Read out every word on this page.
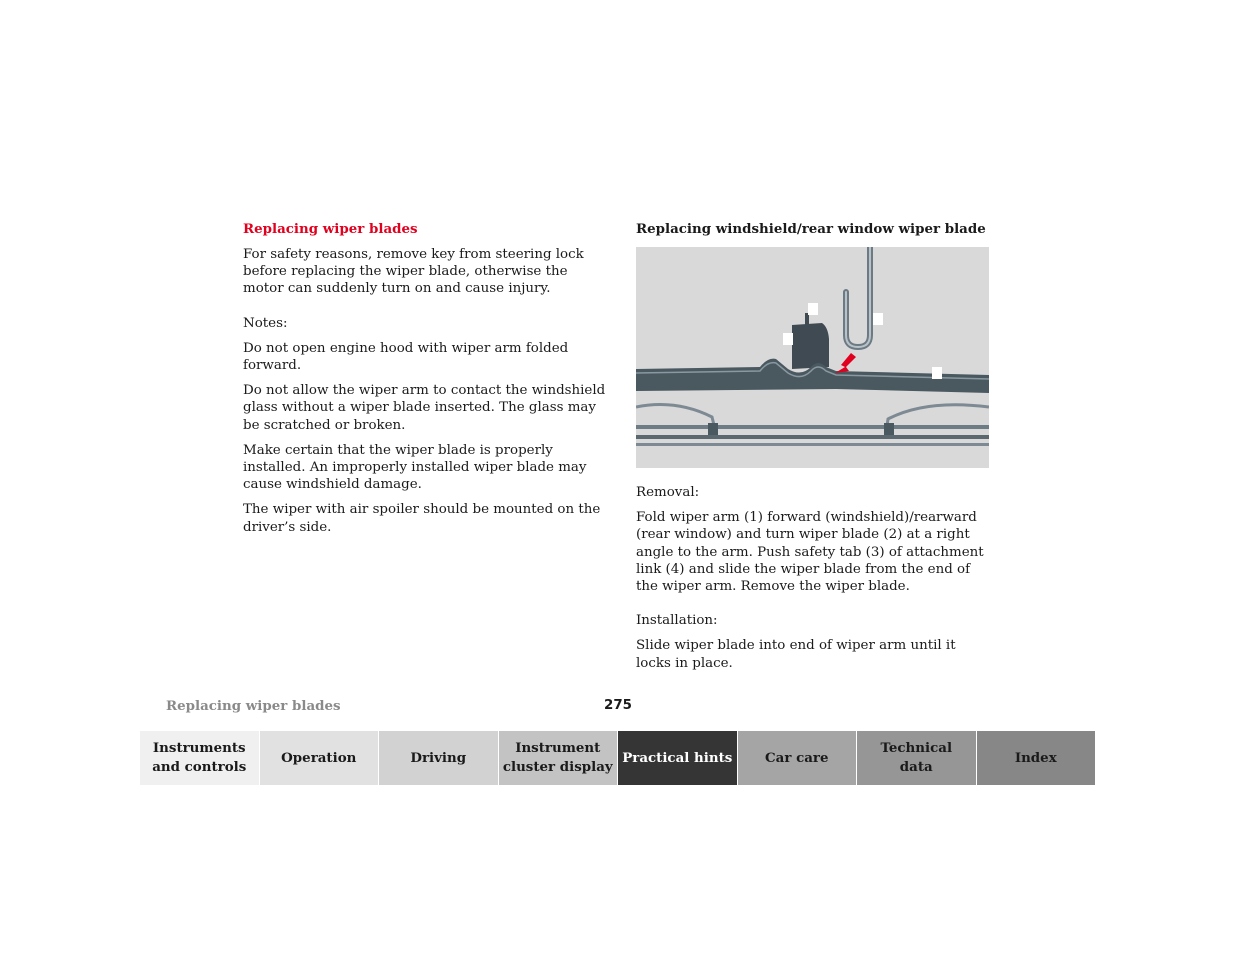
Replacing wiper blades

For safety reasons, remove key from steering lock before replacing the wiper blade, otherwise the motor can suddenly turn on and cause injury.

Notes:

Do not open engine hood with wiper arm folded forward.

Do not allow the wiper arm to contact the windshield glass without a wiper blade inserted. The glass may be scratched or broken.

Make certain that the wiper blade is properly installed. An improperly installed wiper blade may cause windshield damage.

The wiper with air spoiler should be mounted on the driver’s side.

Replacing windshield/rear window wiper blade

Removal:

Fold wiper arm (1) forward (windshield)/rearward (rear window) and turn wiper blade (2) at a right angle to the arm. Push safety tab (3) of attachment link (4) and slide the wiper blade from the end of the wiper arm. Remove the wiper blade.

Installation:

Slide wiper blade into end of wiper arm until it locks in place.

Replacing wiper blades	275
Instruments
and controls
Operation	Driving
Instrument
cluster display
Practical hints Car care
Technical
data
Index
